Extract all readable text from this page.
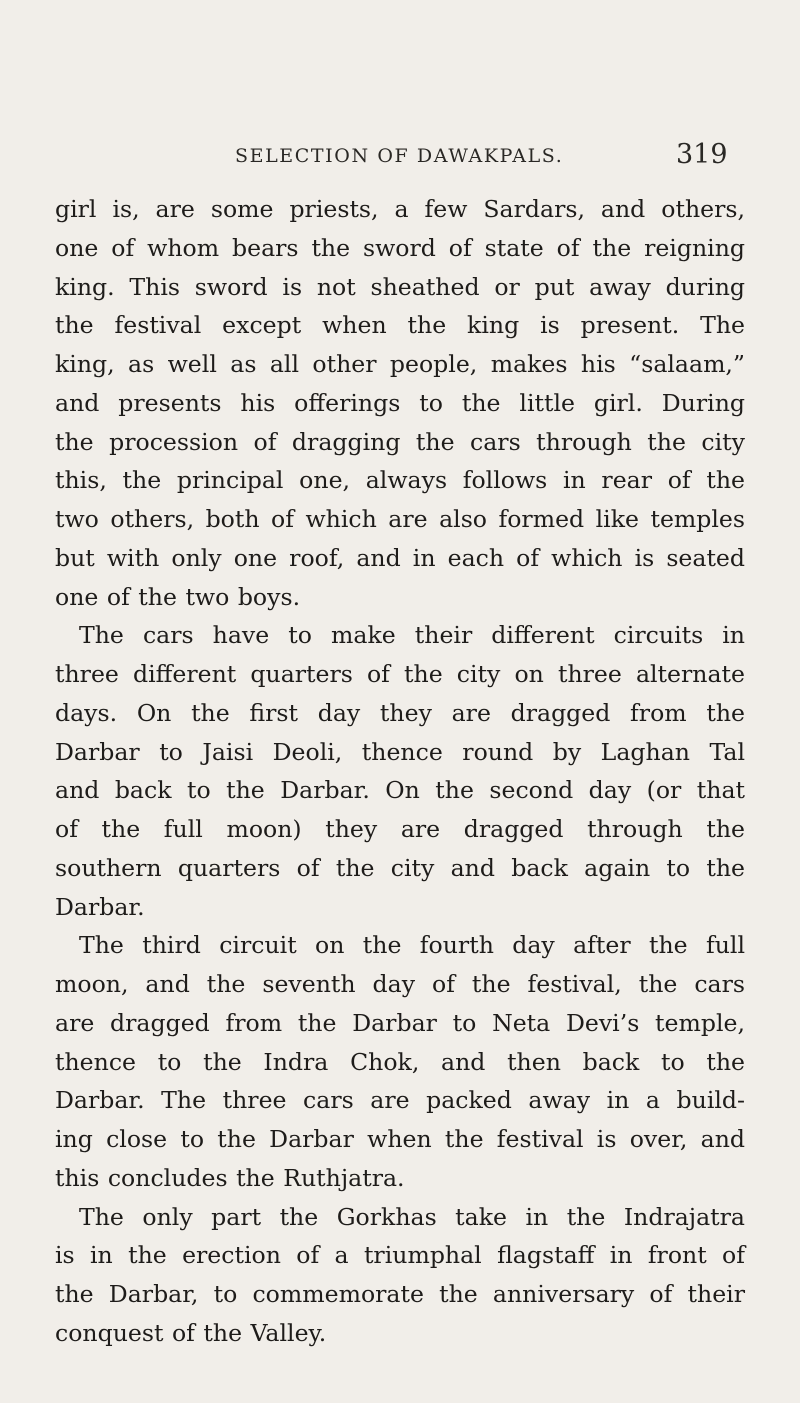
SELECTION OF DAWAKPALS.	319
girl is, are some priests, a few Sardars, and others,
one of whom bears the sword of state of the reigning
king. This sword is not sheathed or put away during
the festival except when the king is present. The
king, as well as all other people, makes his “salaam,”
and presents his offerings to the little girl. During
the procession of dragging the cars through the city
this, the principal one, always follows in rear of the
two others, both of which are also formed like temples
but with only one roof, and in each of which is seated
one of the two boys.
The cars have to make their different circuits in
three different quarters of the city on three alternate
days. On the first day they are dragged from the
Darbar to Jaisi Deoli, thence round by Laghan Tal
and back to the Darbar. On the second day (or that
of the full moon) they are dragged through the
southern quarters of the city and back again to the
Darbar.
The third circuit on the fourth day after the full
moon, and the seventh day of the festival, the cars
are dragged from the Darbar to Neta Devi’s temple,
thence to the Indra Chok, and then back to the
Darbar. The three cars are packed away in a build-
ing close to the Darbar when the festival is over, and
this concludes the Ruthjatra.
The only part the Gorkhas take in the Indrajatra
is in the erection of a triumphal flagstaff in front of
the Darbar, to commemorate the anniversary of their
conquest of the Valley.
